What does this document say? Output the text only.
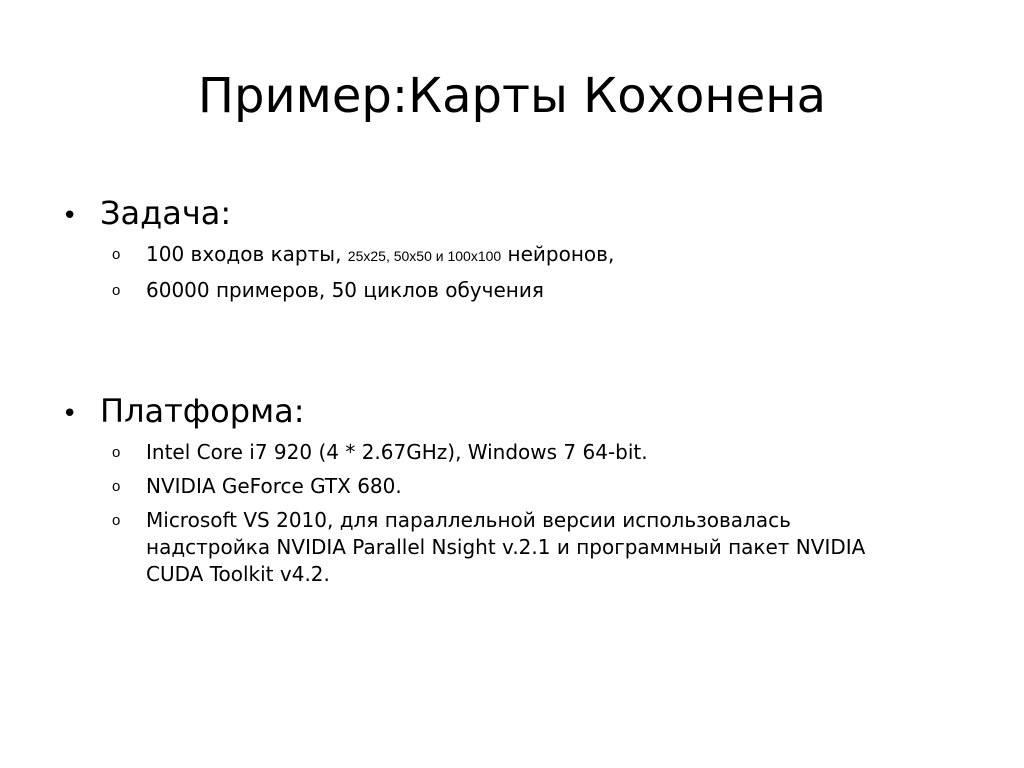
Пример:Карты Кохонена
• Задача:
o	100 входов карты, 25x25, 50x50 и 100x100 нейронов,
o	60000 примеров, 50 циклов обучения
• Платформа:
o	Intel Core i7 920 (4 * 2.67GHz), Windows 7 64-bit.
o	NVIDIA GeForce GTX 680.
o	Microsoft VS 2010, для параллельной версии использовалась надстройка NVIDIA Parallel Nsight v.2.1 и программный пакет NVIDIA CUDA Toolkit v4.2.
